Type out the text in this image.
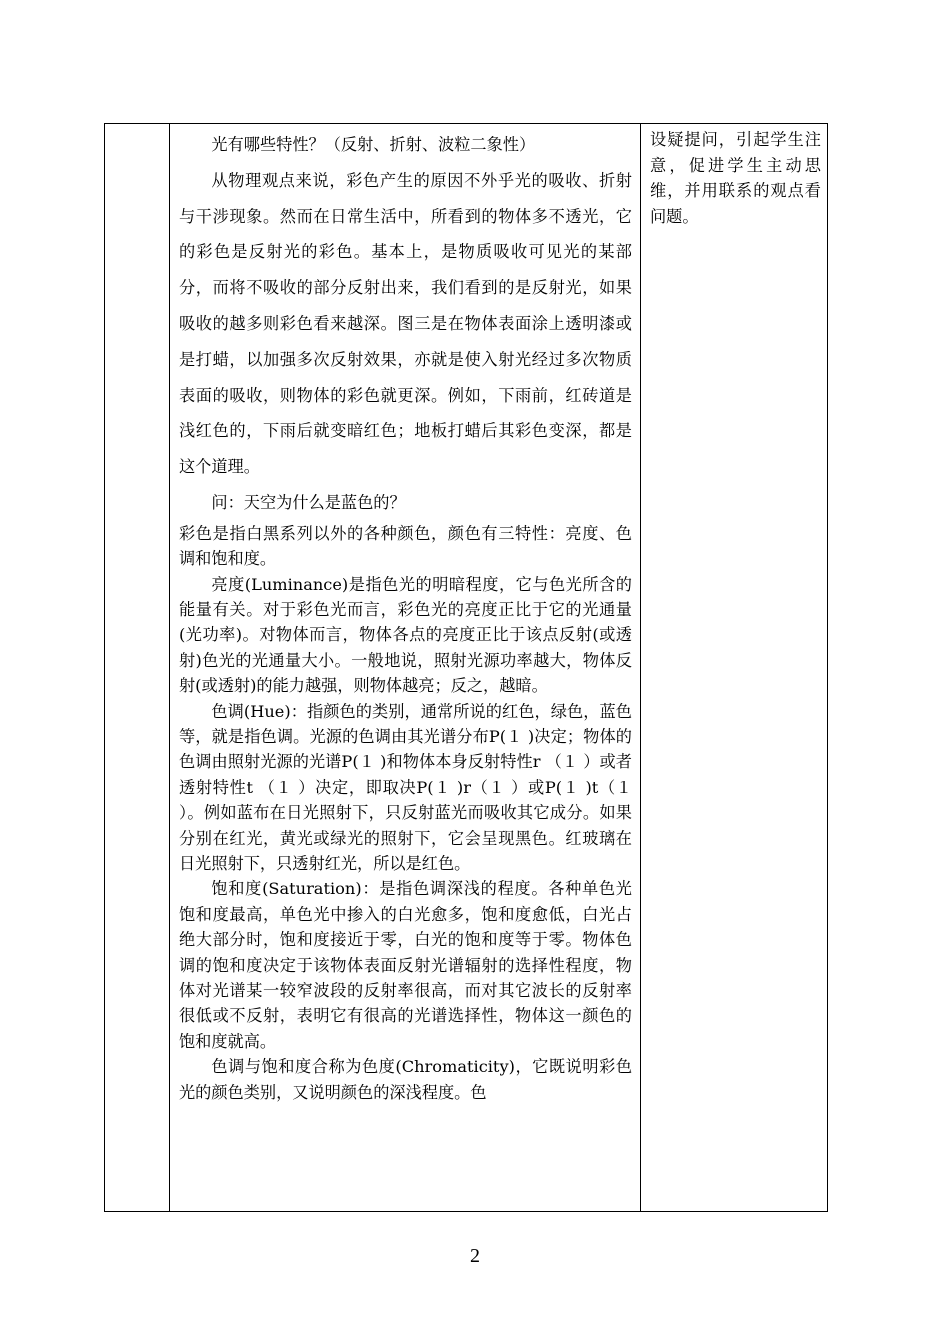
光有哪些特性？（反射、折射、波粒二象性）

从物理观点来说，彩色产生的原因不外乎光的吸收、折射与干涉现象。然而在日常生活中，所看到的物体多不透光，它的彩色是反射光的彩色。基本上，是物质吸收可见光的某部分，而将不吸收的部分反射出来，我们看到的是反射光，如果吸收的越多则彩色看来越深。图三是在物体表面涂上透明漆或是打蜡，以加强多次反射效果，亦就是使入射光经过多次物质表面的吸收，则物体的彩色就更深。例如，下雨前，红砖道是浅红色的，下雨后就变暗红色；地板打蜡后其彩色变深，都是这个道理。

问：天空为什么是蓝色的？

彩色是指白黑系列以外的各种颜色，颜色有三特性：亮度、色调和饱和度。

亮度(Luminance)是指色光的明暗程度，它与色光所含的能量有关。对于彩色光而言，彩色光的亮度正比于它的光通量(光功率)。对物体而言，物体各点的亮度正比于该点反射(或透射)色光的光通量大小。一般地说，照射光源功率越大，物体反射(或透射)的能力越强，则物体越亮；反之，越暗。

色调(Hue)：指颜色的类别，通常所说的红色，绿色，蓝色等，就是指色调。光源的色调由其光谱分布P(１ )决定；物体的色调由照射光源的光谱P(１ )和物体本身反射特性r （１ ）或者透射特性t （１ ）决定，即取决P(１ )r（１ ）或P(１ )t（１ ）。例如蓝布在日光照射下，只反射蓝光而吸收其它成分。如果分别在红光，黄光或绿光的照射下，它会呈现黑色。红玻璃在日光照射下，只透射红光，所以是红色。

饱和度(Saturation)：是指色调深浅的程度。各种单色光饱和度最高，单色光中掺入的白光愈多，饱和度愈低，白光占绝大部分时，饱和度接近于零，白光的饱和度等于零。物体色调的饱和度决定于该物体表面反射光谱辐射的选择性程度，物体对光谱某一较窄波段的反射率很高，而对其它波长的反射率很低或不反射，表明它有很高的光谱选择性，物体这一颜色的饱和度就高。

色调与饱和度合称为色度(Chromaticity)，它既说明彩色光的颜色类别，又说明颜色的深浅程度。色

设疑提问，引起学生注意，促进学生主动思维，并用联系的观点看问题。
2
